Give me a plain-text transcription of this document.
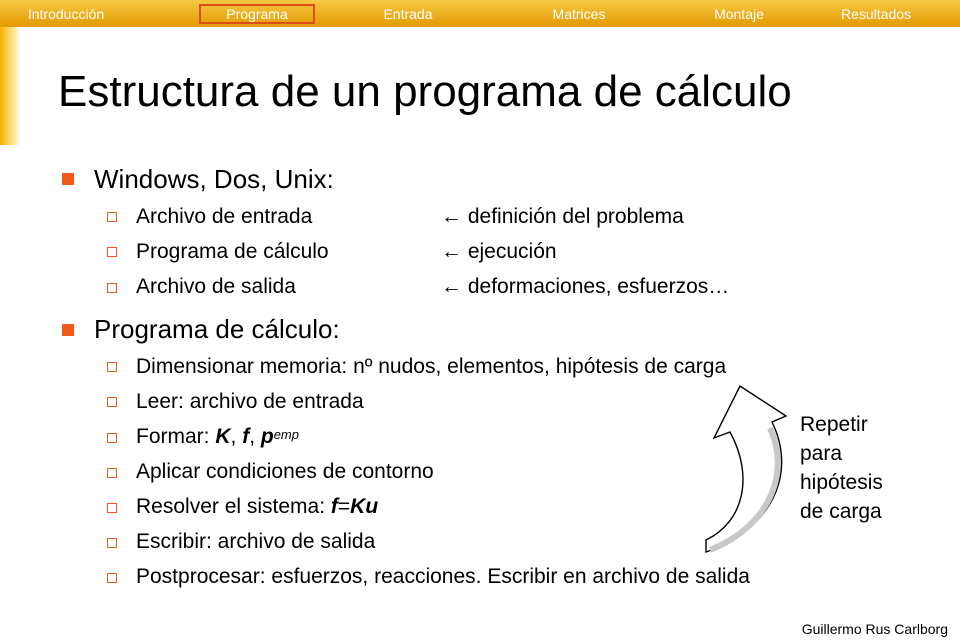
Introducción	Programa	Entrada	Matrices	Montaje	Resultados
Estructura de un programa de cálculo
Windows, Dos, Unix:
Archivo de entrada	← definición del problema
Programa de cálculo	← ejecución
Archivo de salida	← deformaciones, esfuerzos…
Programa de cálculo:
Dimensionar memoria: nº nudos, elementos, hipótesis de carga
Leer: archivo de entrada
Formar: K, f, $p^{emp}$
Aplicar condiciones de contorno
Resolver el sistema: f=Ku
Escribir: archivo de salida
Postprocesar: esfuerzos, reacciones. Escribir en archivo de salida
Repetir
para
hipótesis
de carga
Guillermo Rus Carlborg
